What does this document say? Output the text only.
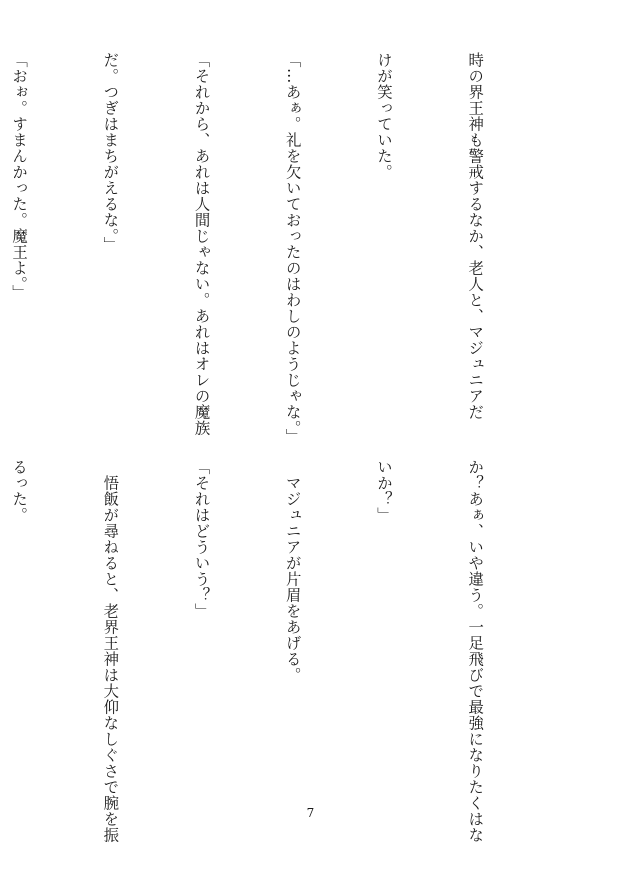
時の界王神も警戒するなか、老人と、マジュニアだ

けが笑っていた。

「…あぁ。礼を欠いておったのはわしのようじゃな。」

「それから、あれは人間じゃない。あれはオレの魔族

だ。つぎはまちがえるな。」

「おぉ。すまんかった。魔王よ。」

か？あぁ、いや違う。一足飛びで最強になりたくはな

いか？」

　マジュニアが片眉をあげる。

「それはどういう？」

　悟飯が尋ねると、老界王神は大仰なしぐさで腕を振

るった。

7
